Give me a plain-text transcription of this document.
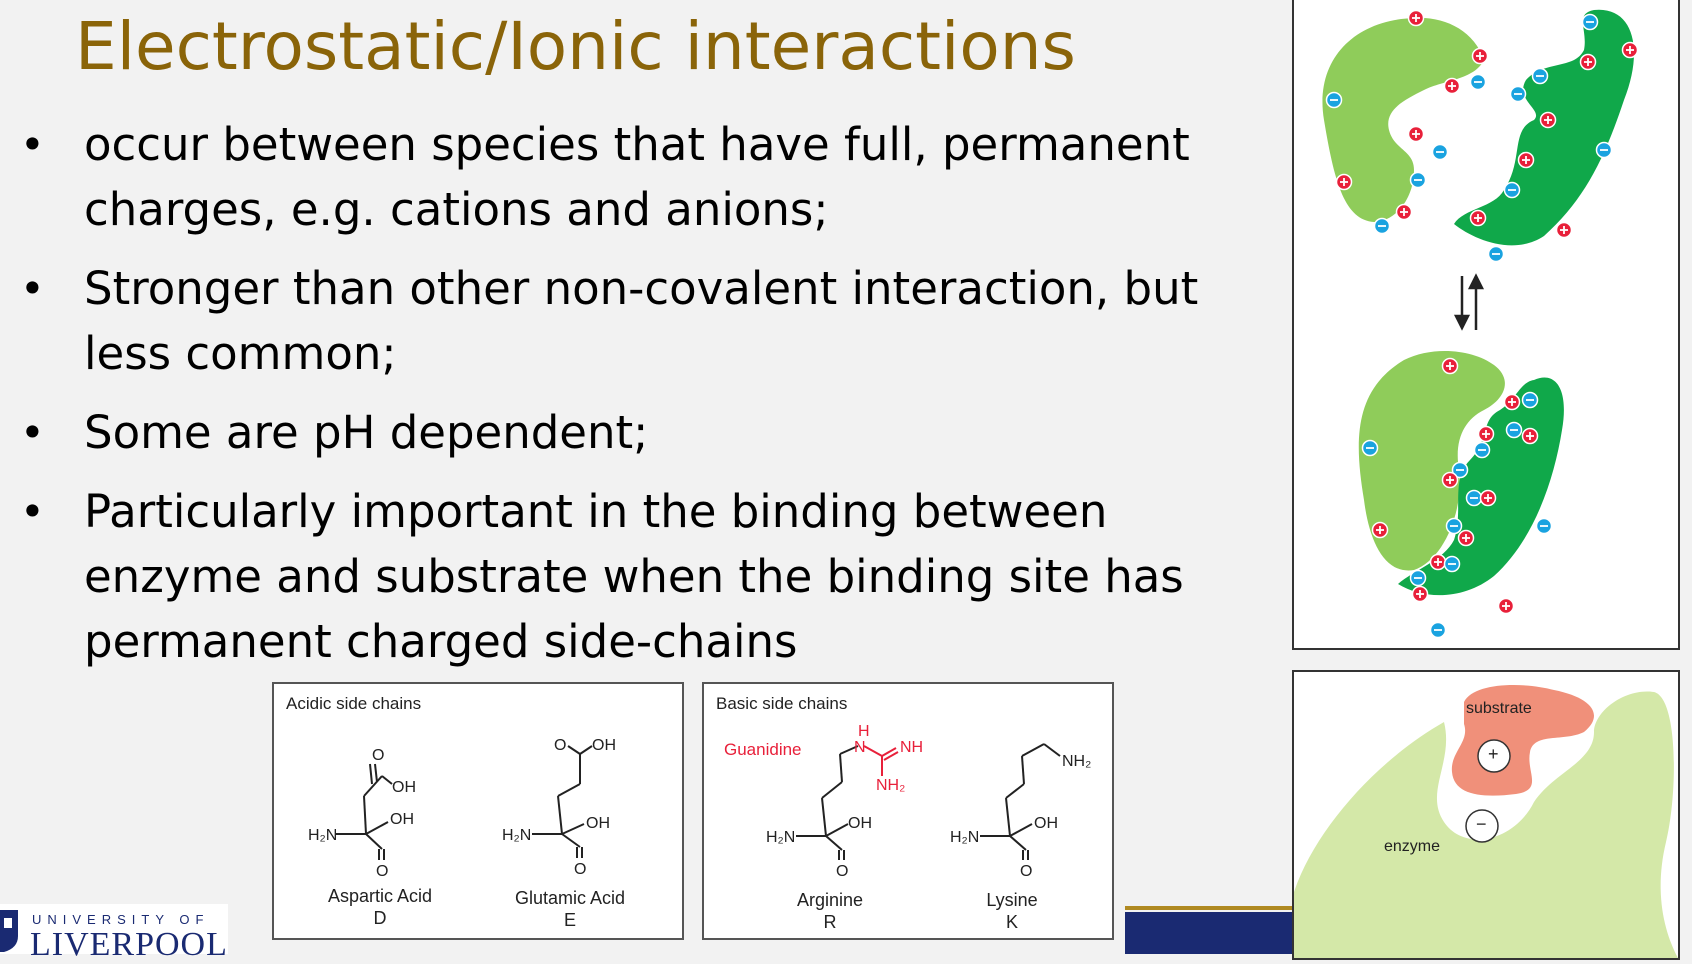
Electrostatic/Ionic interactions
• occur between species that have full, permanent charges, e.g. cations and anions;
• Stronger than other non-covalent interaction, but less common;
• Some are pH dependent;
• Particularly important in the binding between enzyme and substrate when the binding site has permanent charged side-chains
Acidic side chains
O
OH
OH
H₂N
O
O OH
OH
H₂N
O
Aspartic Acid
D
Glutamic Acid
E
Basic side chains
Guanidine
H
N NH
NH₂
OH
H₂N
O
NH₂
OH
H₂N
O
Arginine
R
Lysine
K
UNIVERSITY OF
LIVERPOOL
substrate
enzyme
+
−
